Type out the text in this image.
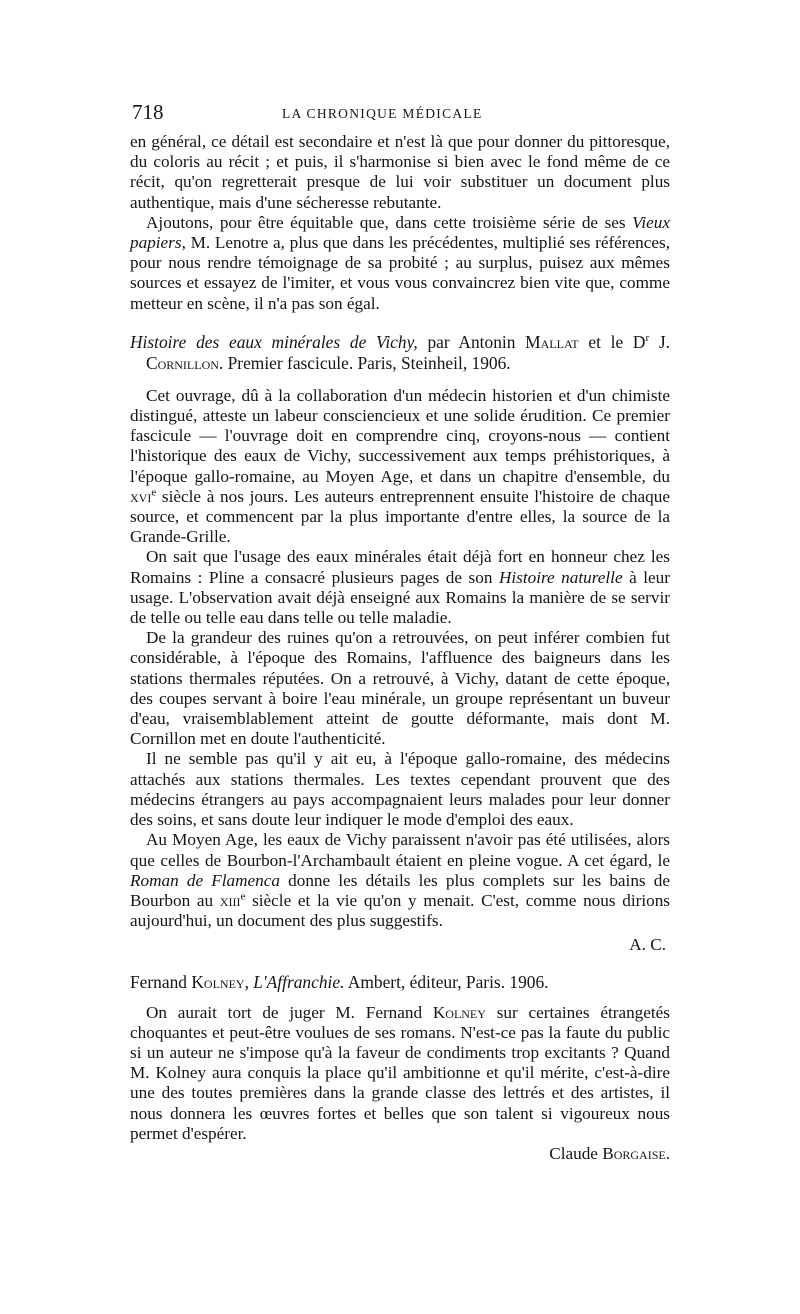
718	LA CHRONIQUE MÉDICALE

en général, ce détail est secondaire et n'est là que pour donner du pittoresque, du coloris au récit ; et puis, il s'harmonise si bien avec le fond même de ce récit, qu'on regretterait presque de lui voir substituer un document plus authentique, mais d'une sécheresse rebutante.

Ajoutons, pour être équitable que, dans cette troisième série de ses Vieux papiers, M. Lenotre a, plus que dans les précédentes, multiplié ses références, pour nous rendre témoignage de sa probité ; au surplus, puisez aux mêmes sources et essayez de l'imiter, et vous vous convaincrez bien vite que, comme metteur en scène, il n'a pas son égal.

Histoire des eaux minérales de Vichy, par Antonin Mallat et le $D^r$ J. Cornillon. Premier fascicule. Paris, Steinheil, 1906.

Cet ouvrage, dû à la collaboration d'un médecin historien et d'un chimiste distingué, atteste un labeur consciencieux et une solide érudition. Ce premier fascicule — l'ouvrage doit en comprendre cinq, croyons-nous — contient l'historique des eaux de Vichy, successivement aux temps préhistoriques, à l'époque gallo-romaine, au Moyen Age, et dans un chapitre d'ensemble, du xvi$^e$ siècle à nos jours. Les auteurs entreprennent ensuite l'histoire de chaque source, et commencent par la plus importante d'entre elles, la source de la Grande-Grille.

On sait que l'usage des eaux minérales était déjà fort en honneur chez les Romains : Pline a consacré plusieurs pages de son Histoire naturelle à leur usage. L'observation avait déjà enseigné aux Romains la manière de se servir de telle ou telle eau dans telle ou telle maladie.

De la grandeur des ruines qu'on a retrouvées, on peut inférer combien fut considérable, à l'époque des Romains, l'affluence des baigneurs dans les stations thermales réputées. On a retrouvé, à Vichy, datant de cette époque, des coupes servant à boire l'eau minérale, un groupe représentant un buveur d'eau, vraisemblablement atteint de goutte déformante, mais dont M. Cornillon met en doute l'authenticité.

Il ne semble pas qu'il y ait eu, à l'époque gallo-romaine, des médecins attachés aux stations thermales. Les textes cependant prouvent que des médecins étrangers au pays accompagnaient leurs malades pour leur donner des soins, et sans doute leur indiquer le mode d'emploi des eaux.

Au Moyen Age, les eaux de Vichy paraissent n'avoir pas été utilisées, alors que celles de Bourbon-l'Archambault étaient en pleine vogue. A cet égard, le Roman de Flamenca donne les détails les plus complets sur les bains de Bourbon au xiii$^e$ siècle et la vie qu'on y menait. C'est, comme nous dirions aujourd'hui, un document des plus suggestifs.

A. C.

Fernand Kolney, L'Affranchie. Ambert, éditeur, Paris. 1906.

On aurait tort de juger M. Fernand Kolney sur certaines étrangetés choquantes et peut-être voulues de ses romans. N'est-ce pas la faute du public si un auteur ne s'impose qu'à la faveur de condiments trop excitants ? Quand M. Kolney aura conquis la place qu'il ambitionne et qu'il mérite, c'est-à-dire une des toutes premières dans la grande classe des lettrés et des artistes, il nous donnera les œuvres fortes et belles que son talent si vigoureux nous permet d'espérer.

Claude Borgaise.
